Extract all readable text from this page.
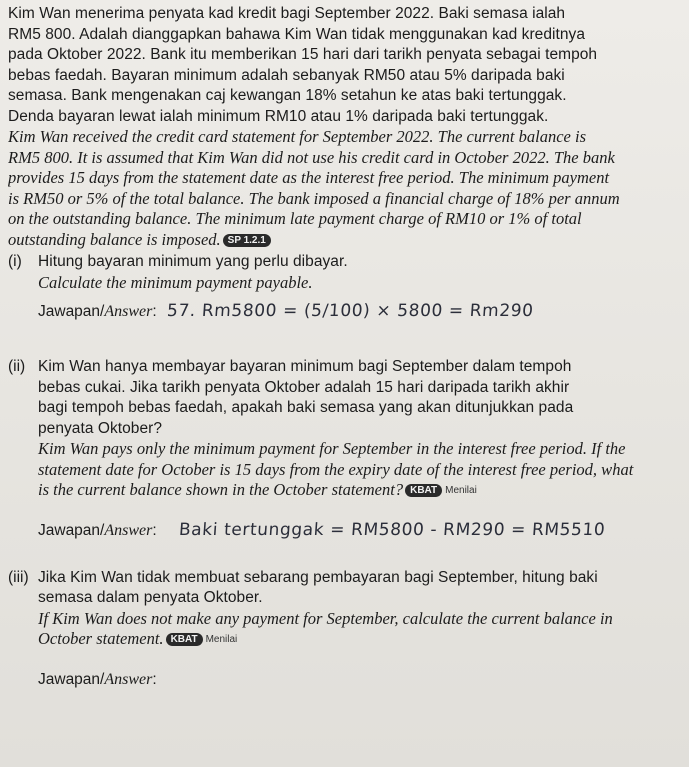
Kim Wan menerima penyata kad kredit bagi September 2022. Baki semasa ialah

RM5 800. Adalah dianggapkan bahawa Kim Wan tidak menggunakan kad kreditnya

pada Oktober 2022. Bank itu memberikan 15 hari dari tarikh penyata sebagai tempoh

bebas faedah. Bayaran minimum adalah sebanyak RM50 atau 5% daripada baki

semasa. Bank mengenakan caj kewangan 18% setahun ke atas baki tertunggak.

Denda bayaran lewat ialah minimum RM10 atau 1% daripada baki tertunggak.

Kim Wan received the credit card statement for September 2022. The current balance is

RM5 800. It is assumed that Kim Wan did not use his credit card in October 2022. The bank

provides 15 days from the statement date as the interest free period. The minimum payment

is RM50 or 5% of the total balance. The bank imposed a financial charge of 18% per annum

on the outstanding balance. The minimum late payment charge of RM10 or 1% of total

outstanding balance is imposed. SP 1.2.1

(i)	Hitung bayaran minimum yang perlu dibayar.

Calculate the minimum payment payable.

Jawapan/Answer: 57. Rm5800 = (5/100) × 5800 = Rm290
(ii) Kim Wan hanya membayar bayaran minimum bagi September dalam tempoh

bebas cukai. Jika tarikh penyata Oktober adalah 15 hari daripada tarikh akhir

bagi tempoh bebas faedah, apakah baki semasa yang akan ditunjukkan pada

penyata Oktober?

Kim Wan pays only the minimum payment for September in the interest free period. If the

statement date for October is 15 days from the expiry date of the interest free period, what

is the current balance shown in the October statement? KBAT Menilai

Jawapan/Answer: Baki tertunggak = RM5800 - RM290 = RM5510
(iii) Jika Kim Wan tidak membuat sebarang pembayaran bagi September, hitung baki

semasa dalam penyata Oktober.

If Kim Wan does not make any payment for September, calculate the current balance in

October statement. KBAT Menilai

Jawapan/Answer:
